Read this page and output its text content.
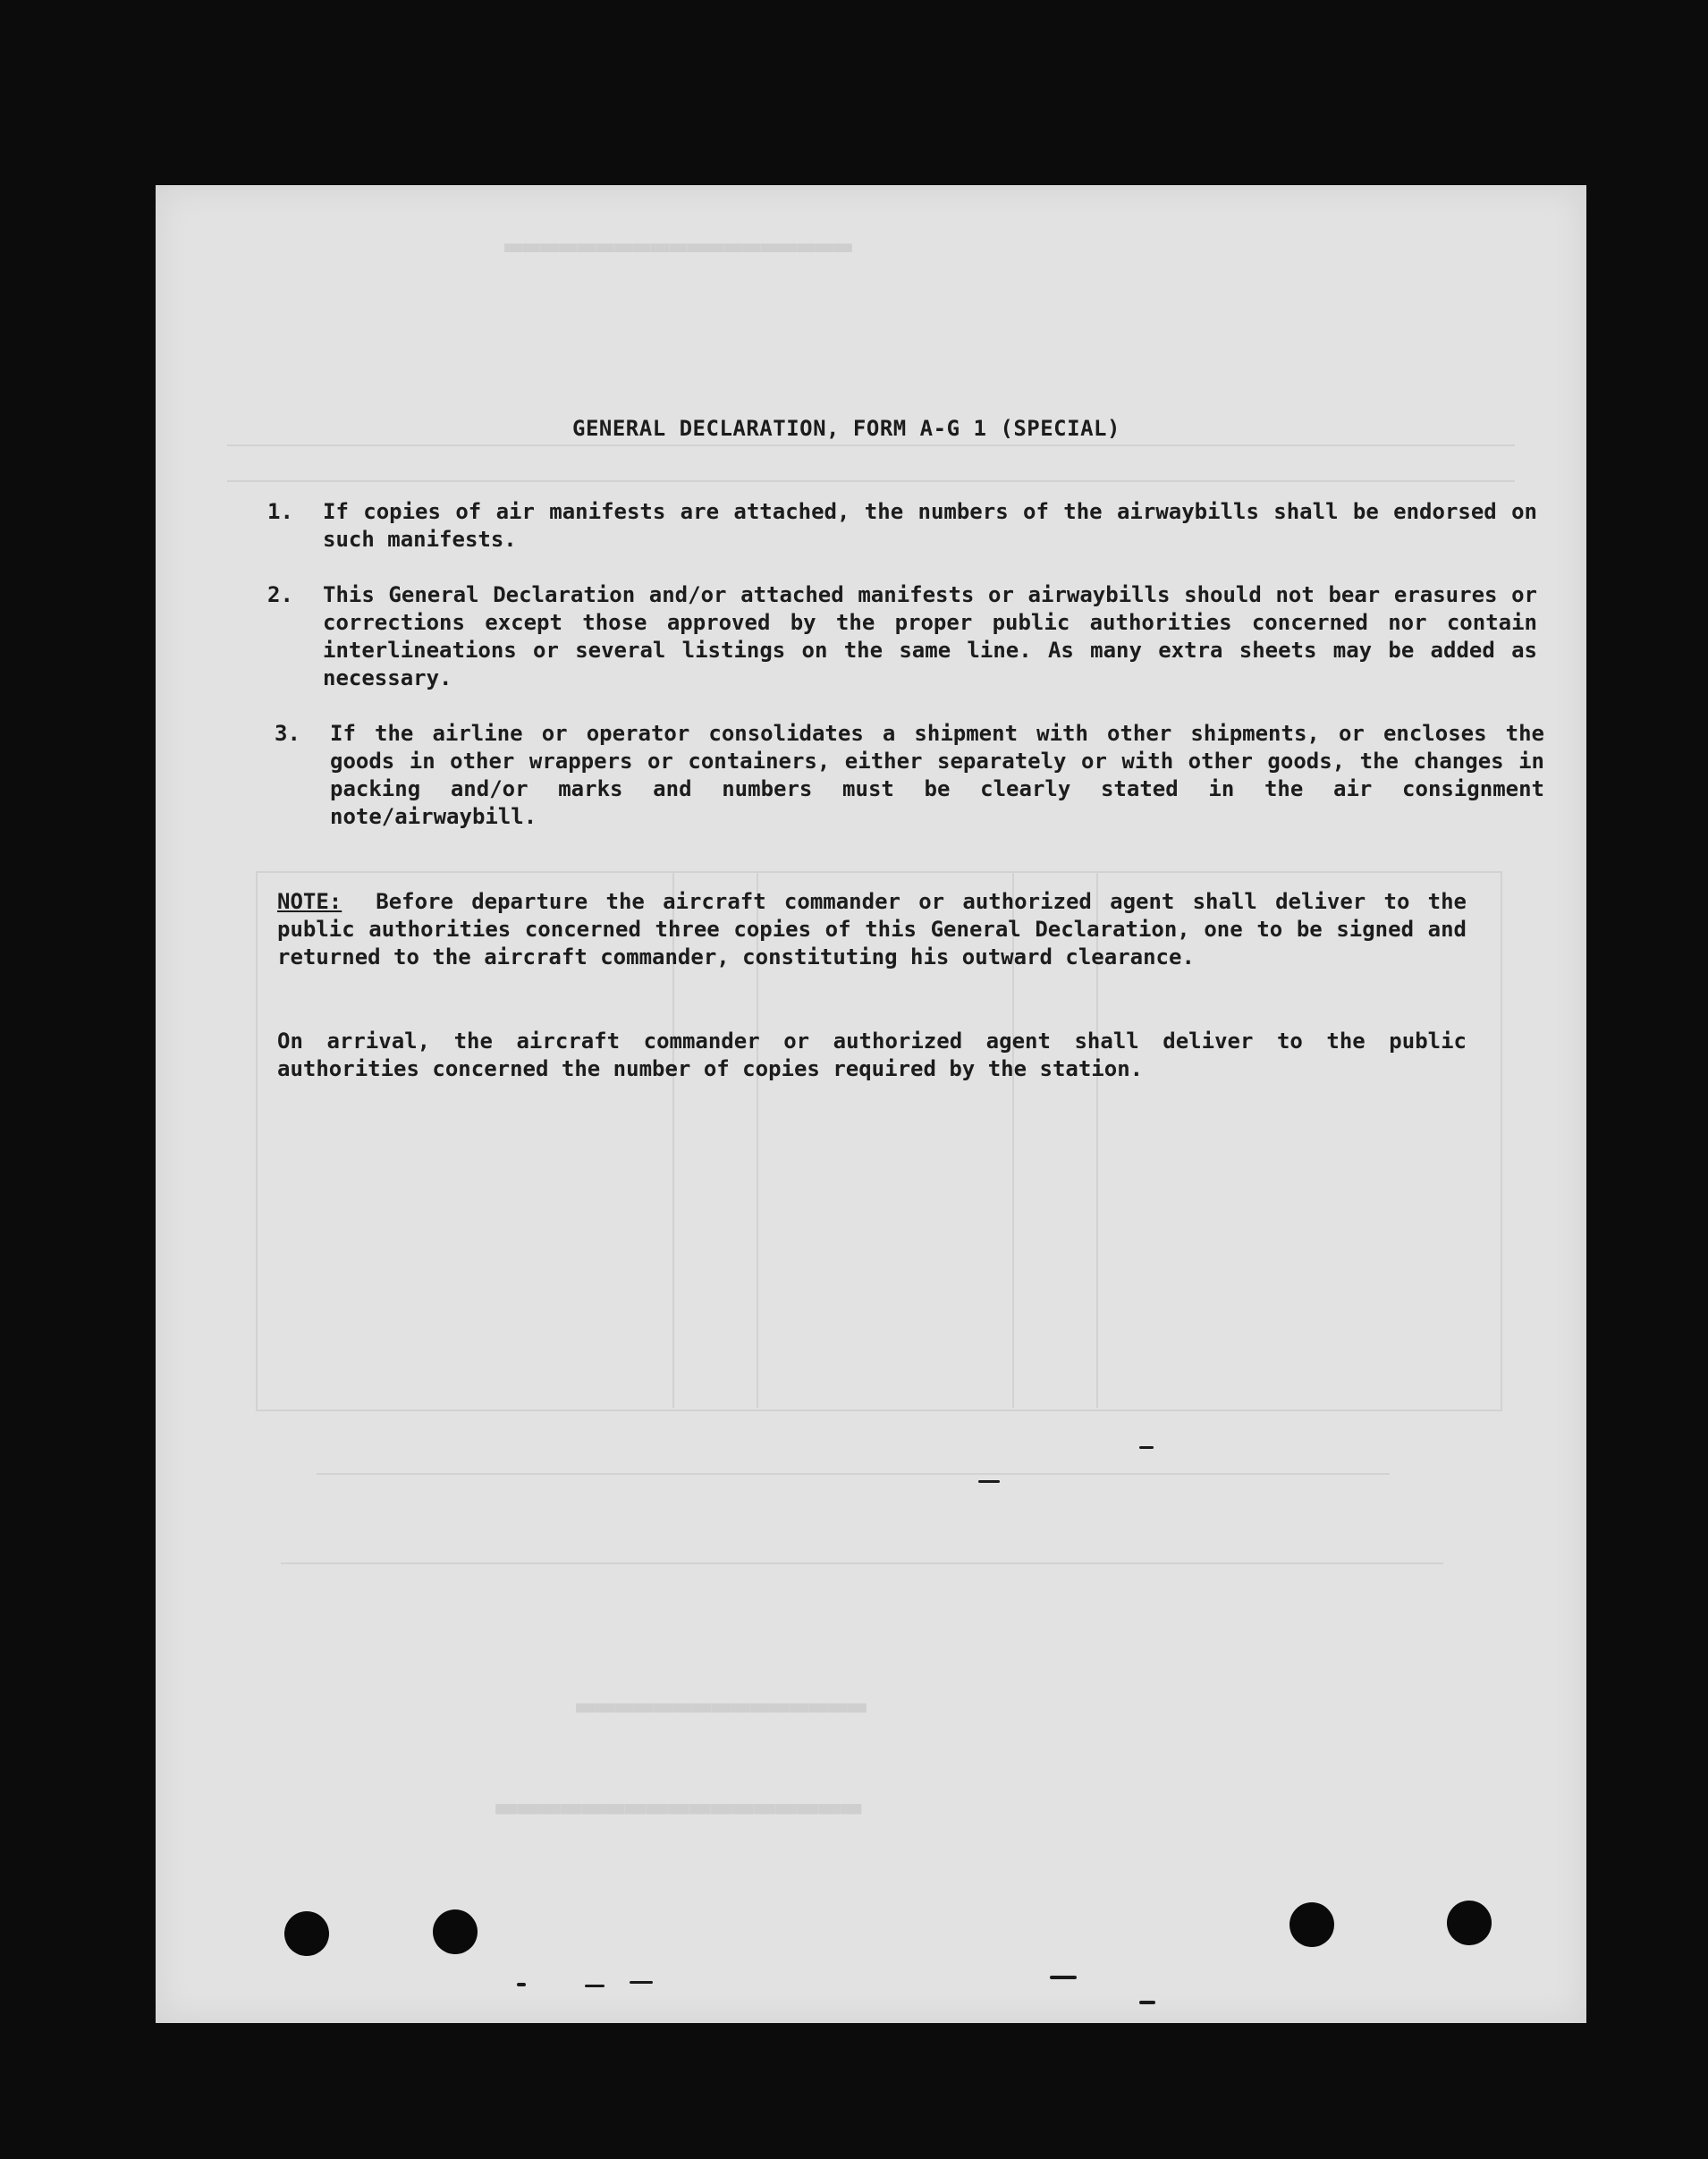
▬▬▬▬▬▬▬▬▬▬▬▬▬▬▬▬▬▬▬
▬▬▬▬▬▬▬▬▬▬▬▬▬▬▬
▬▬▬▬▬▬▬▬▬▬▬▬▬▬▬▬▬
GENERAL DECLARATION, FORM A-G 1 (SPECIAL)
1. If copies of air manifests are attached, the numbers of the airwaybills shall be endorsed on such manifests.
2. This General Declaration and/or attached manifests or airwaybills should not bear erasures or corrections except those approved by the proper public authorities concerned nor contain interlineations or several listings on the same line. As many extra sheets may be added as necessary.
3. If the airline or operator consolidates a shipment with other shipments, or encloses the goods in other wrappers or containers, either separately or with other goods, the changes in packing and/or marks and numbers must be clearly stated in the air consignment note/airwaybill.
NOTE: Before departure the aircraft commander or authorized agent shall deliver to the public authorities concerned three copies of this General Declaration, one to be signed and returned to the aircraft commander, constituting his outward clearance.
On arrival, the aircraft commander or authorized agent shall deliver to the public authorities concerned the number of copies required by the station.
